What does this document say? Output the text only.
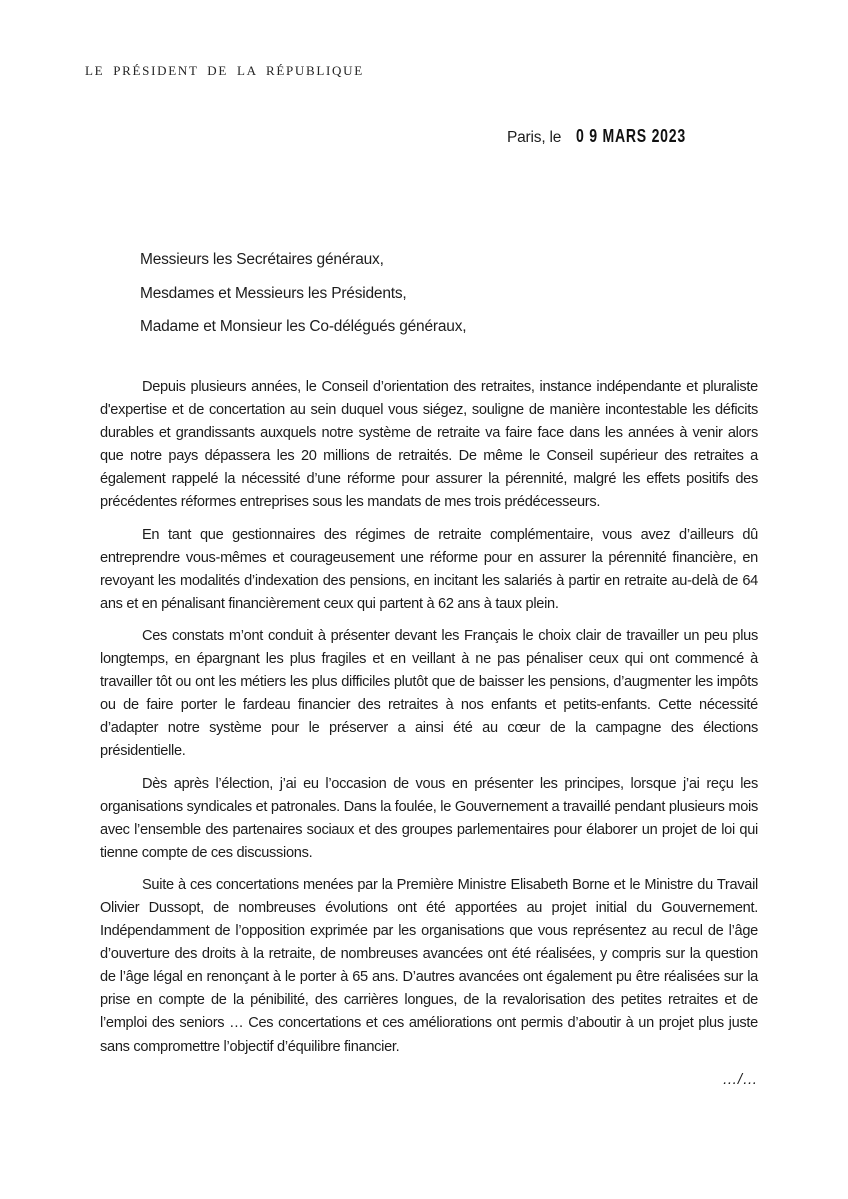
LE PRÉSIDENT DE LA RÉPUBLIQUE
Paris, le 0 9 MARS 2023
Messieurs les Secrétaires généraux,
Mesdames et Messieurs les Présidents,
Madame et Monsieur les Co-délégués généraux,

Depuis plusieurs années, le Conseil d’orientation des retraites, instance indépendante et pluraliste d'expertise et de concertation au sein duquel vous siégez, souligne de manière incontestable les déficits durables et grandissants auxquels notre système de retraite va faire face dans les années à venir alors que notre pays dépassera les 20 millions de retraités. De même le Conseil supérieur des retraites a également rappelé la nécessité d’une réforme pour assurer la pérennité, malgré les effets positifs des précédentes réformes entreprises sous les mandats de mes trois prédécesseurs.

En tant que gestionnaires des régimes de retraite complémentaire, vous avez d’ailleurs dû entreprendre vous-mêmes et courageusement une réforme pour en assurer la pérennité financière, en revoyant les modalités d’indexation des pensions, en incitant les salariés à partir en retraite au-delà de 64 ans et en pénalisant financièrement ceux qui partent à 62 ans à taux plein.

Ces constats m’ont conduit à présenter devant les Français le choix clair de travailler un peu plus longtemps, en épargnant les plus fragiles et en veillant à ne pas pénaliser ceux qui ont commencé à travailler tôt ou ont les métiers les plus difficiles plutôt que de baisser les pensions, d’augmenter les impôts ou de faire porter le fardeau financier des retraites à nos enfants et petits-enfants. Cette nécessité d’adapter notre système pour le préserver a ainsi été au cœur de la campagne des élections présidentielle.

Dès après l’élection, j’ai eu l’occasion de vous en présenter les principes, lorsque j’ai reçu les organisations syndicales et patronales. Dans la foulée, le Gouvernement a travaillé pendant plusieurs mois avec l’ensemble des partenaires sociaux et des groupes parlementaires pour élaborer un projet de loi qui tienne compte de ces discussions.

Suite à ces concertations menées par la Première Ministre Elisabeth Borne et le Ministre du Travail Olivier Dussopt, de nombreuses évolutions ont été apportées au projet initial du Gouvernement. Indépendamment de l’opposition exprimée par les organisations que vous représentez au recul de l’âge d’ouverture des droits à la retraite, de nombreuses avancées ont été réalisées, y compris sur la question de l’âge légal en renonçant à le porter à 65 ans. D’autres avancées ont également pu être réalisées sur la prise en compte de la pénibilité, des carrières longues, de la revalorisation des petites retraites et de l’emploi des seniors … Ces concertations et ces améliorations ont permis d’aboutir à un projet plus juste sans compromettre l’objectif d’équilibre financier.

…/…
